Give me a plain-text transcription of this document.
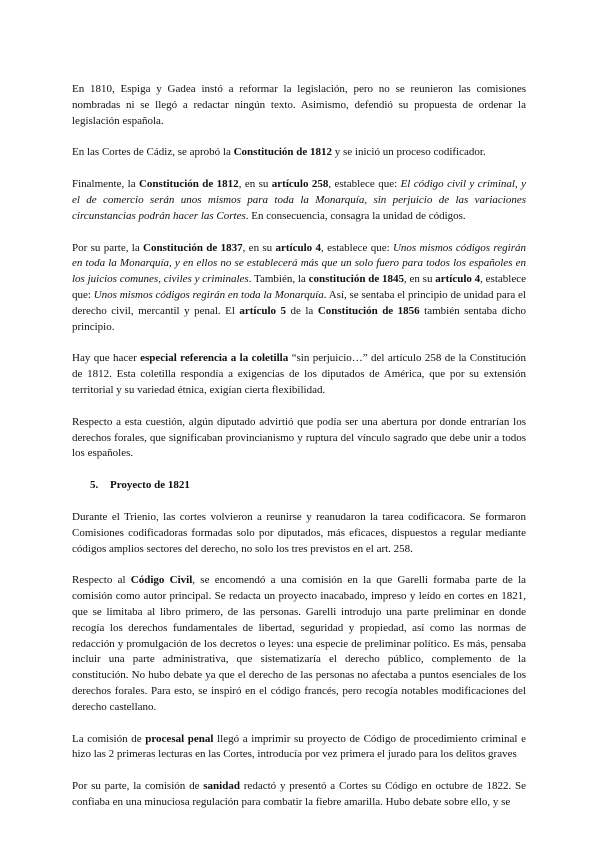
En 1810, Espiga y Gadea instó a reformar la legislación, pero no se reunieron las comisiones nombradas ni se llegó a redactar ningún texto. Asimismo, defendió su propuesta de ordenar la legislación española.

En las Cortes de Cádiz, se aprobó la Constitución de 1812 y se inició un proceso codificador.

Finalmente, la Constitución de 1812, en su artículo 258, establece que: El código civil y criminal, y el de comercio serán unos mismos para toda la Monarquía, sin perjuicio de las variaciones circunstancias podrán hacer las Cortes. En consecuencia, consagra la unidad de códigos.

Por su parte, la Constitución de 1837, en su artículo 4, establece que: Unos mismos códigos regirán en toda la Monarquía, y en ellos no se establecerá más que un solo fuero para todos los españoles en los juicios comunes, civiles y criminales. También, la constitución de 1845, en su artículo 4, establece que: Unos mismos códigos regirán en toda la Monarquía. Así, se sentaba el principio de unidad para el derecho civil, mercantil y penal. El artículo 5 de la Constitución de 1856 también sentaba dicho principio.

Hay que hacer especial referencia a la coletilla “sin perjuicio…” del artículo 258 de la Constitución de 1812. Esta coletilla respondía a exigencias de los diputados de América, que por su extensión territorial y su variedad étnica, exigían cierta flexibilidad.

Respecto a esta cuestión, algún diputado advirtió que podía ser una abertura por donde entrarían los derechos forales, que significaban provincianismo y ruptura del vínculo sagrado que debe unir a todos los españoles.

5. Proyecto de 1821

Durante el Trienio, las cortes volvieron a reunirse y reanudaron la tarea codificacora. Se formaron Comisiones codificadoras formadas solo por diputados, más eficaces, dispuestos a regular mediante códigos amplios sectores del derecho, no solo los tres previstos en el art. 258.

Respecto al Código Civil, se encomendó a una comisión en la que Garelli formaba parte de la comisión como autor principal. Se redacta un proyecto inacabado, impreso y leído en cortes en 1821, que se limitaba al libro primero, de las personas. Garelli introdujo una parte preliminar en donde recogía los derechos fundamentales de libertad, seguridad y propiedad, así como las normas de redacción y promulgación de los decretos o leyes: una especie de preliminar político. Es más, pensaba incluir una parte administrativa, que sistematizaría el derecho público, complemento de la constitución. No hubo debate ya que el derecho de las personas no afectaba a puntos esenciales de los derechos forales. Para esto, se inspiró en el código francés, pero recogía notables modificaciones del derecho castellano.

La comisión de procesal penal llegó a imprimir su proyecto de Código de procedimiento criminal e hizo las 2 primeras lecturas en las Cortes, introducía por vez primera el jurado para los delitos graves

Por su parte, la comisión de sanidad redactó y presentó a Cortes su Código en octubre de 1822. Se confiaba en una minuciosa regulación para combatir la fiebre amarilla. Hubo debate sobre ello, y se
